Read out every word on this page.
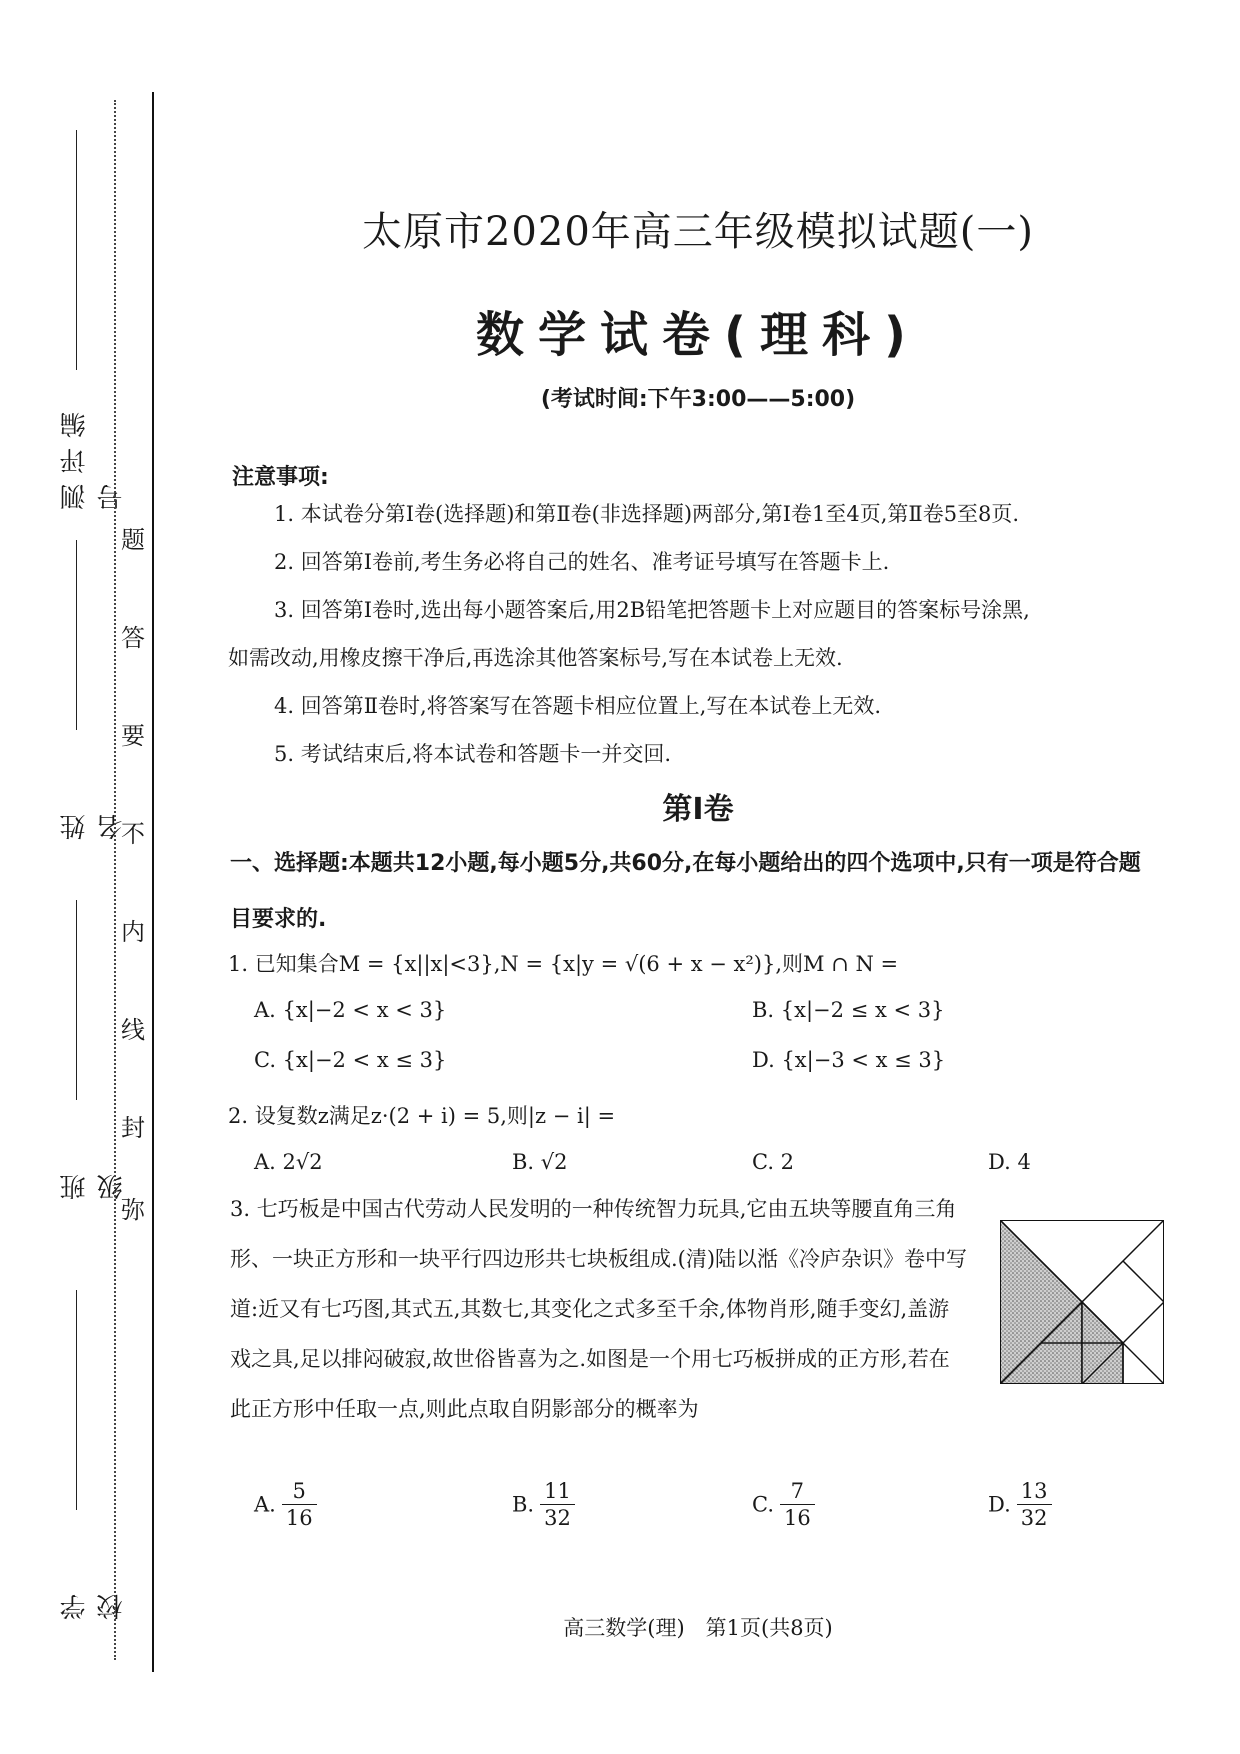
测评编号
姓　名
班　级
学　校
题
答
要
不
内
线
封
弥
太原市2020年高三年级模拟试题(一)
数学试卷(理科)
(考试时间:下午3:00——5:00)
注意事项:
1. 本试卷分第Ⅰ卷(选择题)和第Ⅱ卷(非选择题)两部分,第Ⅰ卷1至4页,第Ⅱ卷5至8页.
2. 回答第Ⅰ卷前,考生务必将自己的姓名、准考证号填写在答题卡上.
3. 回答第Ⅰ卷时,选出每小题答案后,用2B铅笔把答题卡上对应题目的答案标号涂黑,
如需改动,用橡皮擦干净后,再选涂其他答案标号,写在本试卷上无效.
4. 回答第Ⅱ卷时,将答案写在答题卡相应位置上,写在本试卷上无效.
5. 考试结束后,将本试卷和答题卡一并交回.
第Ⅰ卷
一、选择题:本题共12小题,每小题5分,共60分,在每小题给出的四个选项中,只有一项是符合题目要求的.
1. 已知集合M = {x||x|<3},N = {x|y = √(6 + x − x²)},则M ∩ N =
A. {x|−2 < x < 3}	B. {x|−2 ≤ x < 3}
C. {x|−2 < x ≤ 3}	D. {x|−3 < x ≤ 3}
2. 设复数z满足z·(2 + i) = 5,则|z − i| =
A. 2√2	B. √2	C. 2	D. 4
3. 七巧板是中国古代劳动人民发明的一种传统智力玩具,它由五块等腰直角三角形、一块正方形和一块平行四边形共七块板组成.(清)陆以湉《冷庐杂识》卷中写道:近又有七巧图,其式五,其数七,其变化之式多至千余,体物肖形,随手变幻,盖游戏之具,足以排闷破寂,故世俗皆喜为之.如图是一个用七巧板拼成的正方形,若在此正方形中任取一点,则此点取自阴影部分的概率为
A. $\frac{5}{16}$	B. $\frac{11}{32}$	C. $\frac{7}{16}$	D. $\frac{13}{32}$
高三数学(理)　第1页(共8页)
